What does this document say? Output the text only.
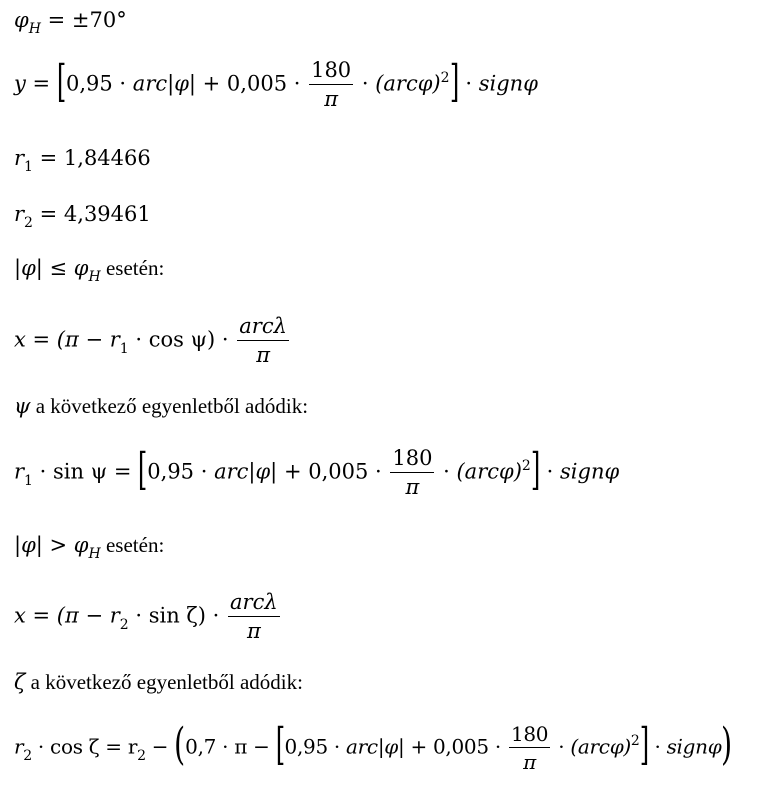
$\varphi_H = \pm 70^\circ$
$y = [0,95 \cdot arc|\varphi| + 0,005 \cdot \frac{180}{\pi} \cdot (arc\varphi)^2]$ · signφ
$r_1 = 1,84466$
$r_2 = 4,39461$
$|\varphi| \le \varphi_H$ esetén:
$x = (\pi - r_1 \cdot \cos \psi) \cdot \frac{\text{arcλ}}{\pi}$
ψ a következő egyenletből adódik:
$r_1 \cdot \sin \psi = [0,95 \cdot arc|\varphi| + 0,005 \cdot \frac{180}{\pi} \cdot (arc\varphi)^2]$ · signφ
$|\varphi| > \varphi_H$ esetén:
$x = (\pi - r_2 \cdot \sin \zeta) \cdot \frac{\text{arcλ}}{\pi}$
ζ a következő egyenletből adódik:
$r_2 \cdot \cos \zeta = r_2 - (0,7 \cdot \pi - [0,95 \cdot arc|\varphi| + 0,005 \cdot \frac{180}{\pi} \cdot (arc\varphi)^2]$ · signφ)
